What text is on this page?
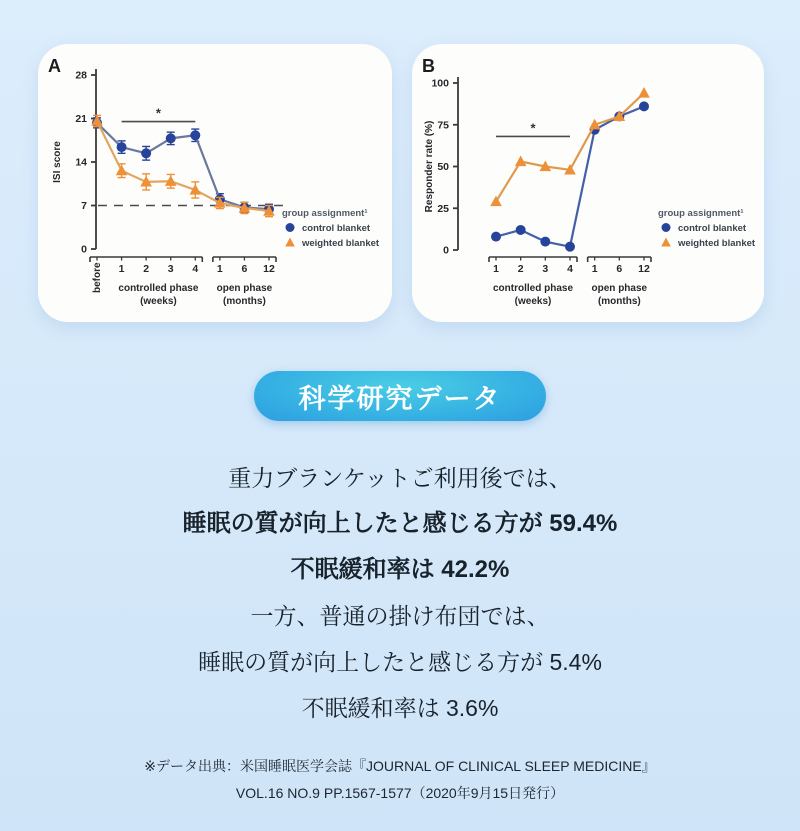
A
0
7
14
21
28
ISI score
*
controlled phase
(weeks)
open phase
(months)
before 1 2 3 4 1 6 12
group assignment¹
control blanket
weighted blanket
B
0
25
50
75
100
Responder rate (%)	*
controlled phase
(weeks)
open phase
(months)
1 2 3 4 1 6 12
group assignment¹
control blanket
weighted blanket
科学研究データ

重力ブランケットご利用後では、

睡眠の質が向上したと感じる方が 59.4%

不眠緩和率は 42.2%

一方、普通の掛け布団では、

睡眠の質が向上したと感じる方が 5.4%

不眠緩和率は 3.6%

※データ出典：米国睡眠医学会誌『JOURNAL OF CLINICAL SLEEP MEDICINE』

VOL.16 NO.9 PP.1567-1577（2020年9月15日発行）
